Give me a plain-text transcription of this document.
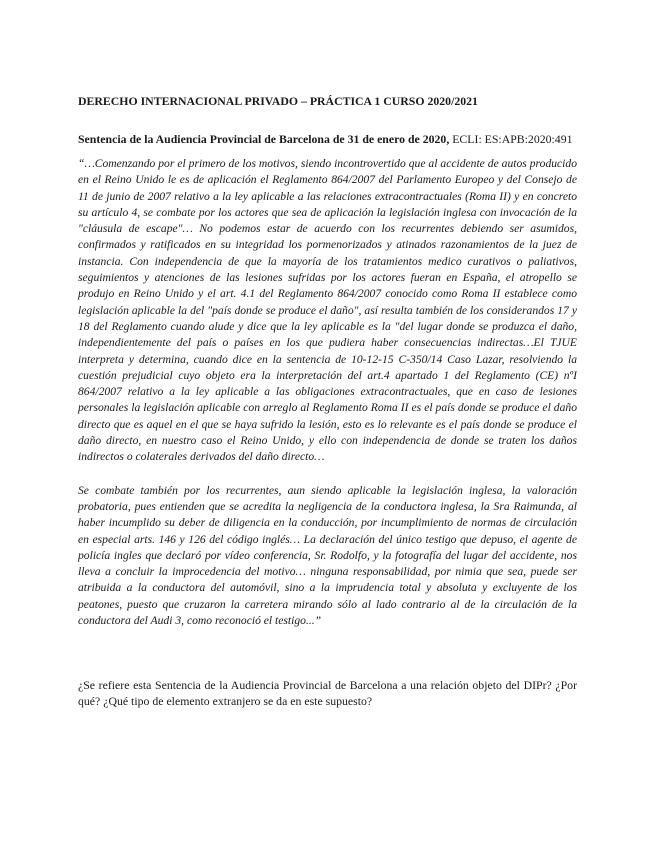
DERECHO INTERNACIONAL PRIVADO – PRÁCTICA 1 CURSO 2020/2021

Sentencia de la Audiencia Provincial de Barcelona de 31 de enero de 2020, ECLI: ES:APB:2020:491

“…Comenzando por el primero de los motivos, siendo incontrovertido que al accidente de autos producido en el Reino Unido le es de aplicación el Reglamento 864/2007 del Parlamento Europeo y del Consejo de 11 de junio de 2007 relativo a la ley aplicable a las relaciones extracontractuales (Roma II) y en concreto su artículo 4, se combate por los actores que sea de aplicación la legislación inglesa con invocación de la "cláusula de escape"… No podemos estar de acuerdo con los recurrentes debiendo ser asumidos, confirmados y ratificados en su integridad los pormenorizados y atinados razonamientos de la juez de instancia. Con independencia de que la mayoría de los tratamientos medico curativos o paliativos, seguimientos y atenciones de las lesiones sufridas por los actores fueran en España, el atropello se produjo en Reino Unido y el art. 4.1 del Reglamento 864/2007 conocido como Roma II establece como legislación aplicable la del "país donde se produce el daño", así resulta también de los considerandos 17 y 18 del Reglamento cuando alude y dice que la ley aplicable es la "del lugar donde se produzca el daño, independientemente del país o países en los que pudiera haber consecuencias indirectas…El TJUE interpreta y determina, cuando dice en la sentencia de 10-12-15 C-350/14 Caso Lazar, resolviendo la cuestión prejudicial cuyo objeto era la interpretación del art.4 apartado 1 del Reglamento (CE) nºI 864/2007 relativo a la ley aplicable a las obligaciones extracontractuales, que en caso de lesiones personales la legislación aplicable con arreglo al Reglamento Roma II es el país donde se produce el daño directo que es aquel en el que se haya sufrido la lesión, esto es lo relevante es el país donde se produce el daño directo, en nuestro caso el Reino Unido, y ello con independencia de donde se traten los daños indirectos o colaterales derivados del daño directo…

Se combate también por los recurrentes, aun siendo aplicable la legislación inglesa, la valoración probatoria, pues entienden que se acredita la negligencia de la conductora inglesa, la Sra Raimunda, al haber incumplido su deber de diligencia en la conducción, por incumplimiento de normas de circulación en especial arts. 146 y 126 del código inglés… La declaración del único testigo que depuso, el agente de policía ingles que declaró por vídeo conferencia, Sr. Rodolfo, y la fotografía del lugar del accidente, nos lleva a concluir la improcedencia del motivo… ninguna responsabilidad, por nimia que sea, puede ser atribuida a la conductora del automóvil, sino a la imprudencia total y absoluta y excluyente de los peatones, puesto que cruzaron la carretera mirando sólo al lado contrario al de la circulación de la conductora del Audi 3, como reconoció el testigo...”

¿Se refiere esta Sentencia de la Audiencia Provincial de Barcelona a una relación objeto del DIPr? ¿Por qué? ¿Qué tipo de elemento extranjero se da en este supuesto?
